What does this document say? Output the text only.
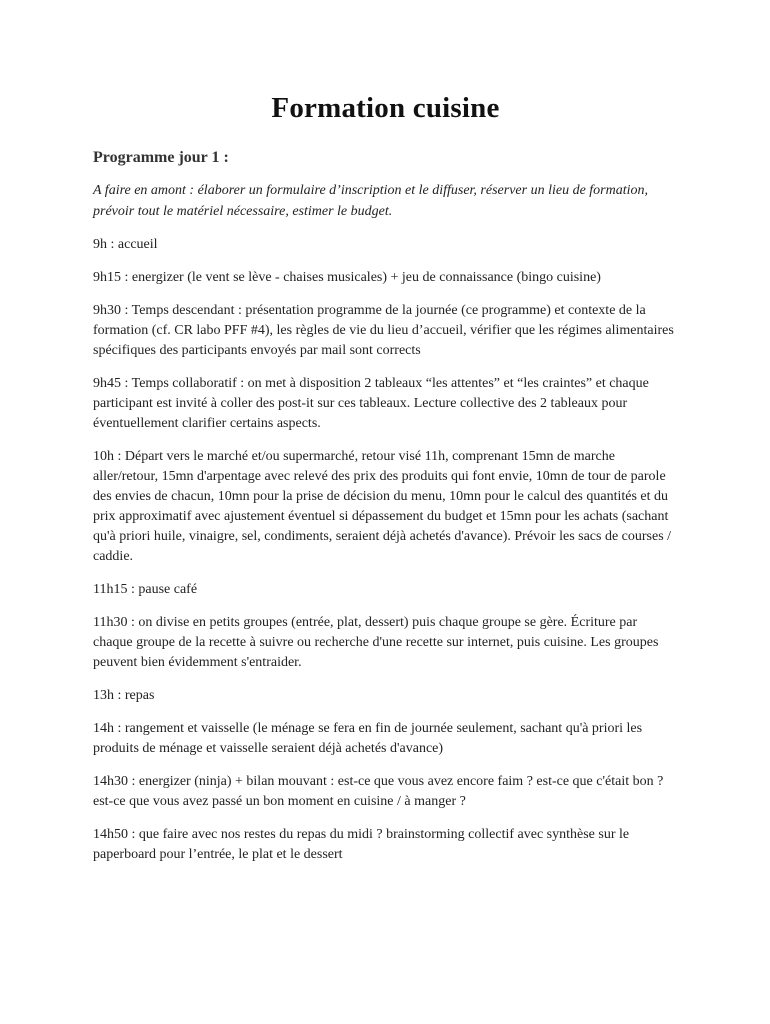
Formation cuisine
Programme jour 1 :

A faire en amont : élaborer un formulaire d’inscription et le diffuser, réserver un lieu de formation, prévoir tout le matériel nécessaire, estimer le budget.

9h : accueil

9h15 : energizer (le vent se lève - chaises musicales) + jeu de connaissance (bingo cuisine)

9h30 : Temps descendant : présentation programme de la journée (ce programme) et contexte de la formation (cf. CR labo PFF #4), les règles de vie du lieu d’accueil, vérifier que les régimes alimentaires spécifiques des participants envoyés par mail sont corrects

9h45 : Temps collaboratif : on met à disposition 2 tableaux “les attentes” et “les craintes” et chaque participant est invité à coller des post-it sur ces tableaux. Lecture collective des 2 tableaux pour éventuellement clarifier certains aspects.

10h : Départ vers le marché et/ou supermarché, retour visé 11h, comprenant 15mn de marche aller/retour, 15mn d'arpentage avec relevé des prix des produits qui font envie, 10mn de tour de parole des envies de chacun, 10mn pour la prise de décision du menu, 10mn pour le calcul des quantités et du prix approximatif avec ajustement éventuel si dépassement du budget et 15mn pour les achats (sachant qu'à priori huile, vinaigre, sel, condiments, seraient déjà achetés d'avance). Prévoir les sacs de courses / caddie.

11h15 : pause café

11h30 : on divise en petits groupes (entrée, plat, dessert) puis chaque groupe se gère. Écriture par chaque groupe de la recette à suivre ou recherche d'une recette sur internet, puis cuisine. Les groupes peuvent bien évidemment s'entraider.

13h : repas

14h : rangement et vaisselle (le ménage se fera en fin de journée seulement, sachant qu'à priori les produits de ménage et vaisselle seraient déjà achetés d'avance)

14h30 : energizer (ninja) + bilan mouvant : est-ce que vous avez encore faim ? est-ce que c'était bon ? est-ce que vous avez passé un bon moment en cuisine / à manger ?

14h50 : que faire avec nos restes du repas du midi ? brainstorming collectif avec synthèse sur le paperboard pour l’entrée, le plat et le dessert
